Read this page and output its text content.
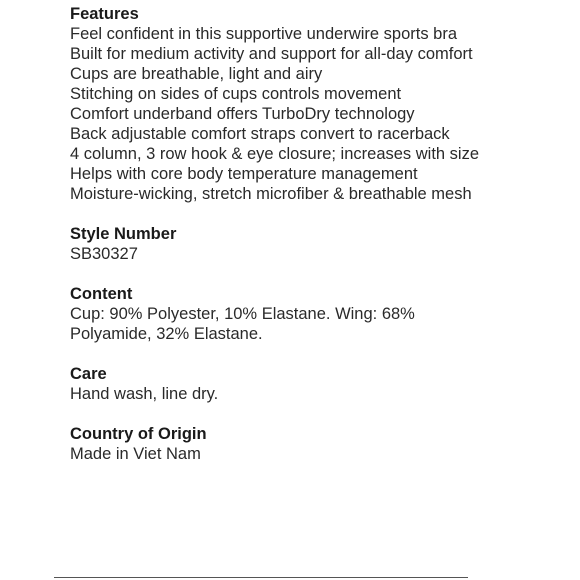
Features
Feel confident in this supportive underwire sports bra
Built for medium activity and support for all-day comfort
Cups are breathable, light and airy
Stitching on sides of cups controls movement
Comfort underband offers TurboDry technology
Back adjustable comfort straps convert to racerback
4 column, 3 row hook & eye closure; increases with size
Helps with core body temperature management
Moisture-wicking, stretch microfiber & breathable mesh
Style Number
SB30327
Content
Cup: 90% Polyester, 10% Elastane. Wing: 68% Polyamide, 32% Elastane.
Care
Hand wash, line dry.
Country of Origin
Made in Viet Nam
